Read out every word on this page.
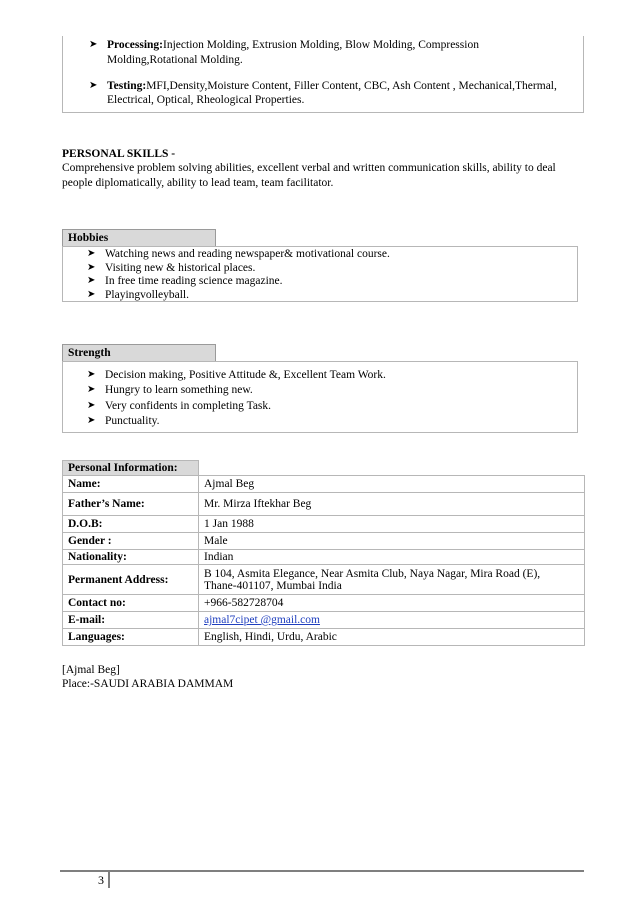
➤ Processing:Injection Molding, Extrusion Molding, Blow Molding, Compression
Molding,Rotational Molding.
➤ Testing:MFI,Density,Moisture Content, Filler Content, CBC, Ash Content , Mechanical,Thermal,
Electrical, Optical, Rheological Properties.
PERSONAL SKILLS -
Comprehensive problem solving abilities, excellent verbal and written communication skills, ability to deal
people diplomatically, ability to lead team, team facilitator.
Hobbies
➤ Watching news and reading newspaper& motivational course.
➤ Visiting new & historical places.
➤ In free time reading science magazine.
➤ Playingvolleyball.
Strength
➤ Decision making, Positive Attitude &, Excellent Team Work.
➤ Hungry to learn something new.
➤ Very confidents in completing Task.
➤ Punctuality.
Personal Information:	
Name:	Ajmal Beg
Father’s Name:	Mr. Mirza Iftekhar Beg
D.O.B:	1 Jan 1988
Gender :	Male
Nationality:	Indian
Permanent Address:	B 104, Asmita Elegance, Near Asmita Club, Naya Nagar, Mira Road (E),
Thane-401107, Mumbai India

Contact no:	+966-582728704
E-mail:	ajmal7cipet @gmail.com
Languages:	English, Hindi, Urdu, Arabic
[Ajmal Beg]
Place:-SAUDI ARABIA DAMMAM
3
